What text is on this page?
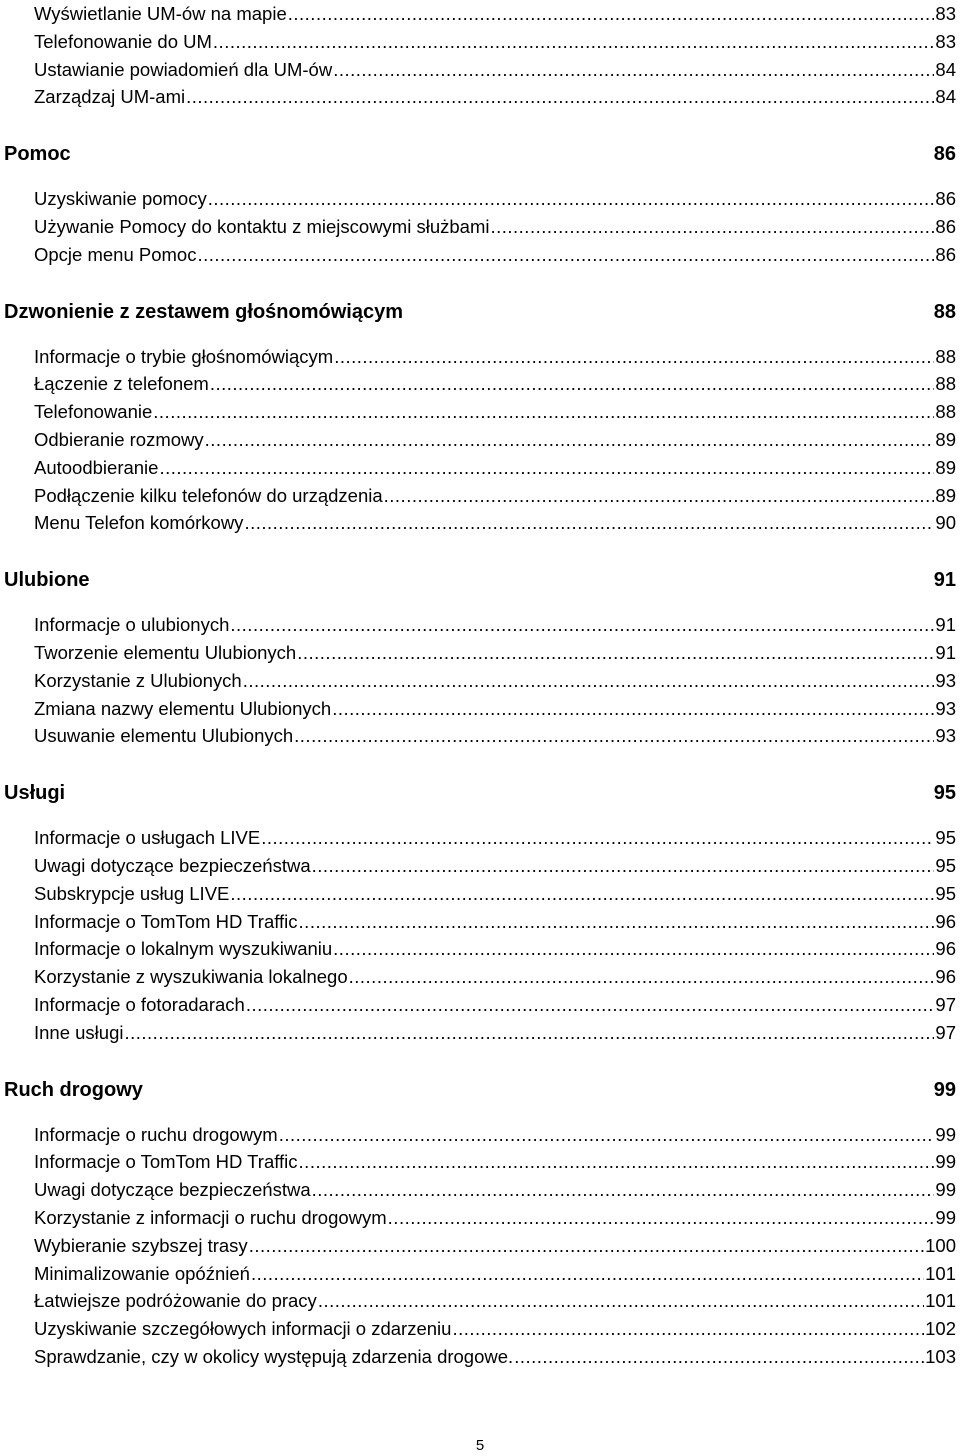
Wyświetlanie UM-ów na mapie .....	83
Telefonowanie do UM .....	83
Ustawianie powiadomień dla UM-ów .....	84
Zarządzaj UM-ami .....	84
Pomoc	86
Uzyskiwanie pomocy .....	86
Używanie Pomocy do kontaktu z miejscowymi służbami .....	86
Opcje menu Pomoc .....	86
Dzwonienie z zestawem głośnomówiącym	88
Informacje o trybie głośnomówiącym .....	88
Łączenie z telefonem .....	88
Telefonowanie .....	88
Odbieranie rozmowy .....	89
Autoodbieranie .....	89
Podłączenie kilku telefonów do urządzenia .....	89
Menu Telefon komórkowy .....	90
Ulubione	91
Informacje o ulubionych .....	91
Tworzenie elementu Ulubionych .....	91
Korzystanie z Ulubionych .....	93
Zmiana nazwy elementu Ulubionych .....	93
Usuwanie elementu Ulubionych .....	93
Usługi	95
Informacje o usługach LIVE .....	95
Uwagi dotyczące bezpieczeństwa .....	95
Subskrypcje usług LIVE .....	95
Informacje o TomTom HD Traffic .....	96
Informacje o lokalnym wyszukiwaniu .....	96
Korzystanie z wyszukiwania lokalnego .....	96
Informacje o fotoradarach .....	97
Inne usługi .....	97
Ruch drogowy	99
Informacje o ruchu drogowym .....	99
Informacje o TomTom HD Traffic .....	99
Uwagi dotyczące bezpieczeństwa .....	99
Korzystanie z informacji o ruchu drogowym .....	99
Wybieranie szybszej trasy .....	100
Minimalizowanie opóźnień .....	101
Łatwiejsze podróżowanie do pracy .....	101
Uzyskiwanie szczegółowych informacji o zdarzeniu .....	102
Sprawdzanie, czy w okolicy występują zdarzenia drogowe. .....	103
5
